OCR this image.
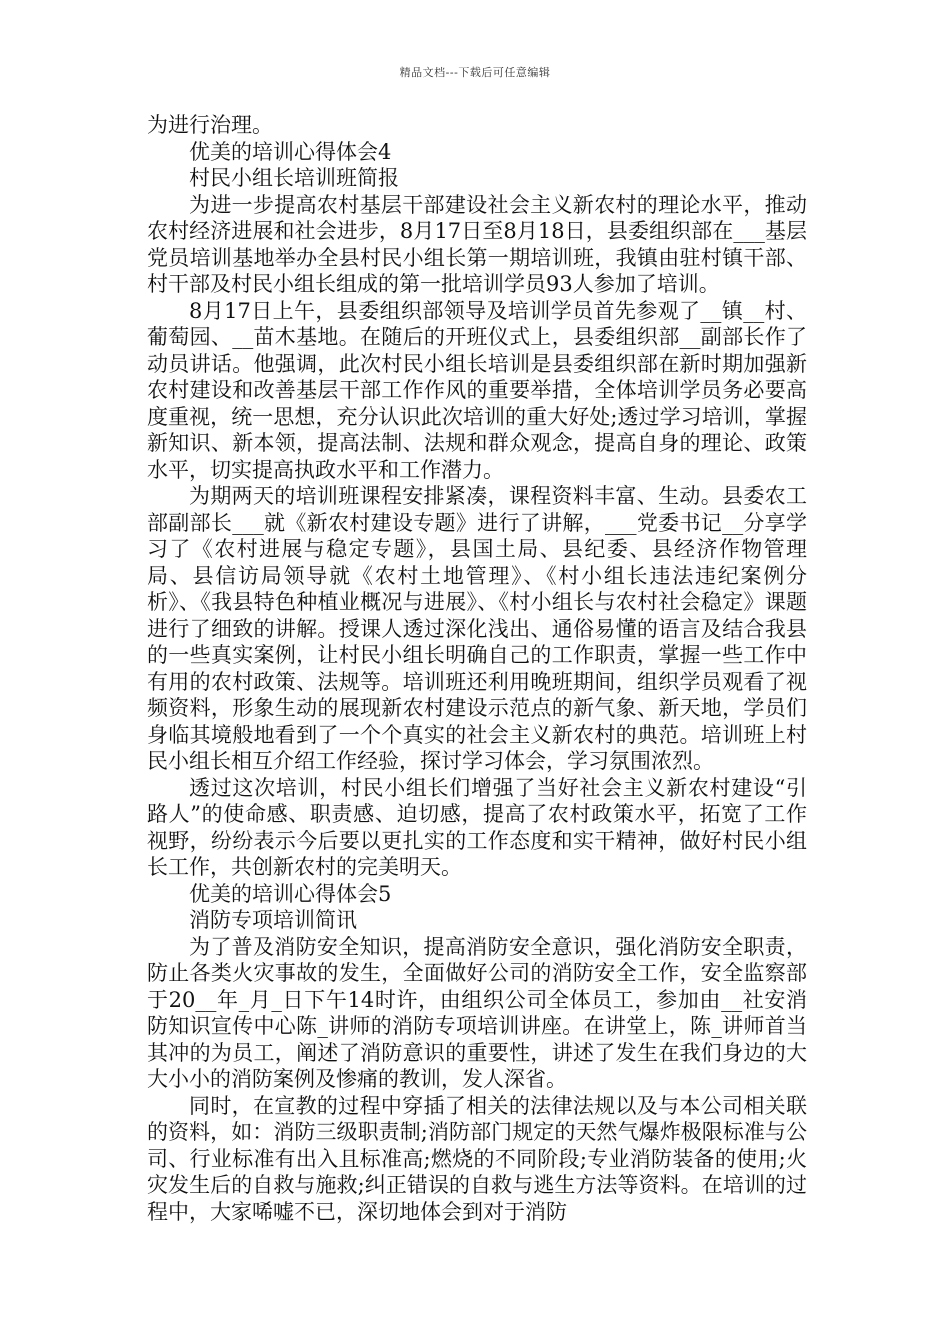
精品文档---下载后可任意编辑

为进行治理。

优美的培训心得体会4

村民小组长培训班简报

为进一步提高农村基层干部建设社会主义新农村的理论水平，推动农村经济进展和社会进步，8月17日至8月18日，县委组织部在___基层党员培训基地举办全县村民小组长第一期培训班，我镇由驻村镇干部、村干部及村民小组长组成的第一批培训学员93人参加了培训。

8月17日上午，县委组织部领导及培训学员首先参观了__镇__村、葡萄园、__苗木基地。在随后的开班仪式上，县委组织部__副部长作了动员讲话。他强调，此次村民小组长培训是县委组织部在新时期加强新农村建设和改善基层干部工作作风的重要举措，全体培训学员务必要高度重视，统一思想，充分认识此次培训的重大好处;透过学习培训，掌握新知识、新本领，提高法制、法规和群众观念，提高自身的理论、政策水平，切实提高执政水平和工作潜力。

为期两天的培训班课程安排紧凑，课程资料丰富、生动。县委农工部副部长___就《新农村建设专题》进行了讲解，___党委书记__分享学习了《农村进展与稳定专题》，县国土局、县纪委、县经济作物管理局、县信访局领导就《农村土地管理》、《村小组长违法违纪案例分析》、《我县特色种植业概况与进展》、《村小组长与农村社会稳定》课题进行了细致的讲解。授课人透过深化浅出、通俗易懂的语言及结合我县的一些真实案例，让村民小组长明确自己的工作职责，掌握一些工作中有用的农村政策、法规等。培训班还利用晚班期间，组织学员观看了视频资料，形象生动的展现新农村建设示范点的新气象、新天地，学员们身临其境般地看到了一个个真实的社会主义新农村的典范。培训班上村民小组长相互介绍工作经验，探讨学习体会，学习氛围浓烈。

透过这次培训，村民小组长们增强了当好社会主义新农村建设“引路人”的使命感、职责感、迫切感，提高了农村政策水平，拓宽了工作视野，纷纷表示今后要以更扎实的工作态度和实干精神，做好村民小组长工作，共创新农村的完美明天。

优美的培训心得体会5

消防专项培训简讯

为了普及消防安全知识，提高消防安全意识，强化消防安全职责，防止各类火灾事故的发生，全面做好公司的消防安全工作，安全监察部于20__年_月_日下午14时许，由组织公司全体员工，参加由__社安消防知识宣传中心陈_讲师的消防专项培训讲座。在讲堂上，陈_讲师首当其冲的为员工，阐述了消防意识的重要性，讲述了发生在我们身边的大大小小的消防案例及惨痛的教训，发人深省。

同时，在宣教的过程中穿插了相关的法律法规以及与本公司相关联的资料，如：消防三级职责制;消防部门规定的天然气爆炸极限标准与公司、行业标准有出入且标准高;燃烧的不同阶段;专业消防装备的使用;火灾发生后的自救与施救;纠正错误的自救与逃生方法等资料。在培训的过程中，大家唏嘘不已，深切地体会到对于消防
